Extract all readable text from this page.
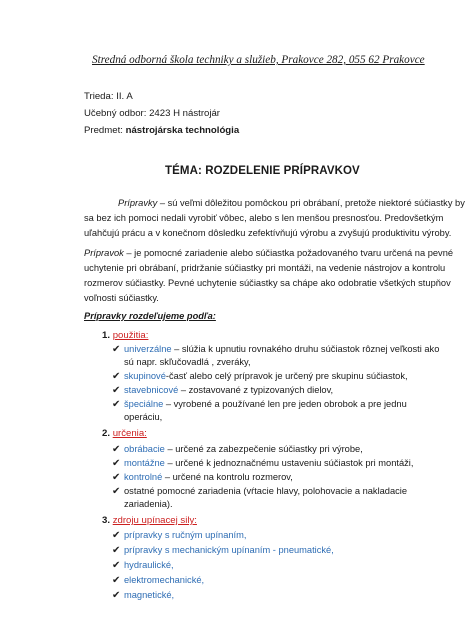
Stredná odborná škola techniky a služieb, Prakovce 282, 055 62 Prakovce
Trieda: II. A
Učebný odbor: 2423 H nástrojár
Predmet: nástrojárska technológia
TÉMA: ROZDELENIE PRÍPRAVKOV
Prípravky – sú veľmi dôležitou pomôckou pri obrábaní, pretože niektoré súčiastky by
sa bez ich pomoci nedali vyrobiť vôbec, alebo s len menšou presnosťou. Predovšetkým
uľahčujú prácu a v konečnom dôsledku zefektívňujú výrobu a zvyšujú produktivitu výroby.
Prípravok – je pomocné zariadenie alebo súčiastka požadovaného tvaru určená na pevné
uchytenie pri obrábaní, pridržanie súčiastky pri montáži, na vedenie nástrojov a kontrolu
rozmerov súčiastky. Pevné uchytenie súčiastky sa chápe ako odobratie všetkých stupňov
voľnosti súčiastky.
Prípravky rozdeľujeme podľa:
1. použitia:
✔ univerzálne – slúžia k upnutiu rovnakého druhu súčiastok rôznej veľkosti ako
sú napr. skľučovadlá , zveráky,
✔ skupinové-časť alebo celý prípravok je určený pre skupinu súčiastok,
✔ stavebnicové – zostavované z typizovaných dielov,
✔ špeciálne – vyrobené a používané len pre jeden obrobok a pre jednu
operáciu,
2. určenia:
✔ obrábacie – určené za zabezpečenie súčiastky pri výrobe,
✔ montážne – určené k jednoznačnému ustaveniu súčiastok pri montáži,
✔ kontrolné – určené na kontrolu rozmerov,
✔ ostatné pomocné zariadenia (vŕtacie hlavy, polohovacie a nakladacie
zariadenia).
3. zdroju upínacej sily:
✔ prípravky s ručným upínaním,
✔ prípravky s mechanickým upínaním - pneumatické,
✔ hydraulické,
✔ elektromechanické,
✔ magnetické,
